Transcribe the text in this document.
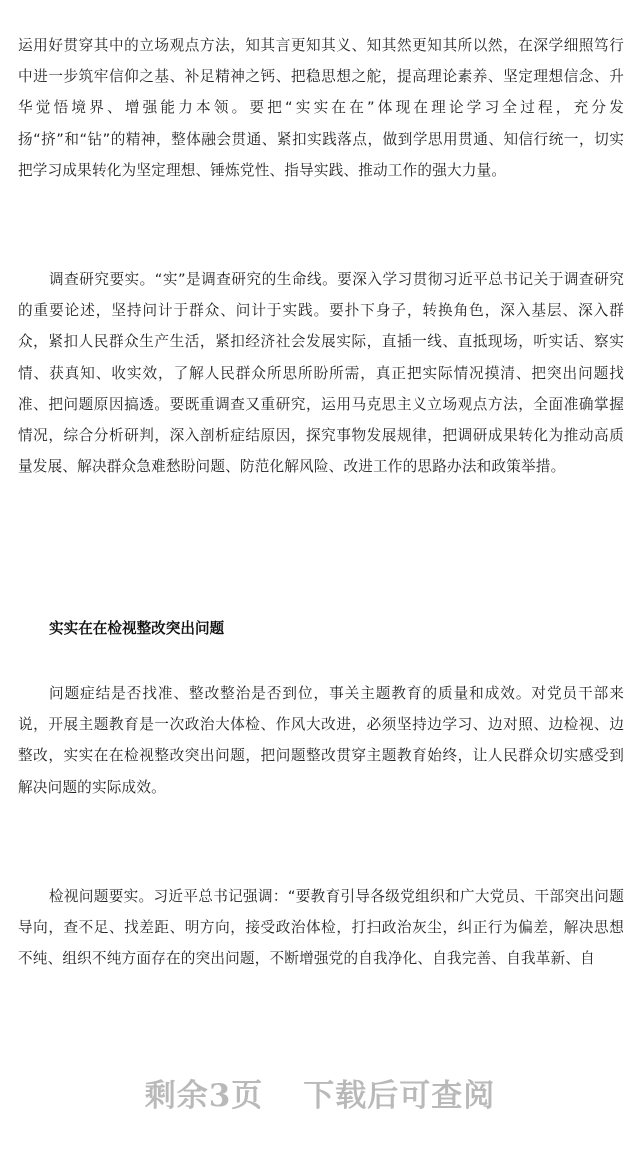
运用好贯穿其中的立场观点方法，知其言更知其义、知其然更知其所以然，在深学细照笃行中进一步筑牢信仰之基、补足精神之钙、把稳思想之舵，提高理论素养、坚定理想信念、升华觉悟境界、增强能力本领。要把“实实在在”体现在理论学习全过程，充分发扬“挤”和“钻”的精神，整体融会贯通、紧扣实践落点，做到学思用贯通、知信行统一，切实把学习成果转化为坚定理想、锤炼党性、指导实践、推动工作的强大力量。

调查研究要实。“实”是调查研究的生命线。要深入学习贯彻习近平总书记关于调查研究的重要论述，坚持问计于群众、问计于实践。要扑下身子，转换角色，深入基层、深入群众，紧扣人民群众生产生活，紧扣经济社会发展实际，直插一线、直抵现场，听实话、察实情、获真知、收实效，了解人民群众所思所盼所需，真正把实际情况摸清、把突出问题找准、把问题原因搞透。要既重调查又重研究，运用马克思主义立场观点方法，全面准确掌握情况，综合分析研判，深入剖析症结原因，探究事物发展规律，把调研成果转化为推动高质量发展、解决群众急难愁盼问题、防范化解风险、改进工作的思路办法和政策举措。

实实在在检视整改突出问题

问题症结是否找准、整改整治是否到位，事关主题教育的质量和成效。对党员干部来说，开展主题教育是一次政治大体检、作风大改进，必须坚持边学习、边对照、边检视、边整改，实实在在检视整改突出问题，把问题整改贯穿主题教育始终，让人民群众切实感受到解决问题的实际成效。

检视问题要实。习近平总书记强调：“要教育引导各级党组织和广大党员、干部突出问题导向，查不足、找差距、明方向，接受政治体检，打扫政治灰尘，纠正行为偏差，解决思想不纯、组织不纯方面存在的突出问题，不断增强党的自我净化、自我完善、自我革新、自

剩余3页 下载后可查阅
